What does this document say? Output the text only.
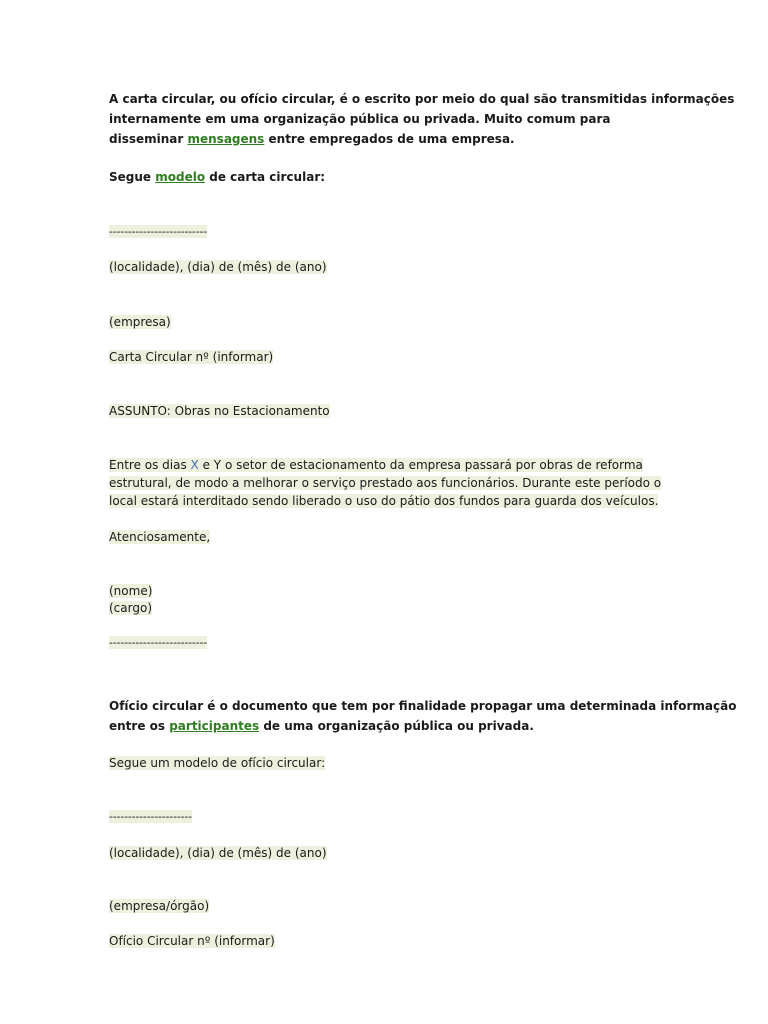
A carta circular, ou ofício circular, é o escrito por meio do qual são transmitidas informações
internamente em uma organização pública ou privada. Muito comum para
disseminar mensagens entre empregados de uma empresa.
Segue modelo de carta circular:
--------------------------
(localidade), (dia) de (mês) de (ano)
(empresa)
Carta Circular nº (informar)
ASSUNTO: Obras no Estacionamento
Entre os dias X e Y o setor de estacionamento da empresa passará por obras de reforma
estrutural, de modo a melhorar o serviço prestado aos funcionários. Durante este período o
local estará interditado sendo liberado o uso do pátio dos fundos para guarda dos veículos.
Atenciosamente,
(nome)
(cargo)
--------------------------
Ofício circular é o documento que tem por finalidade propagar uma determinada informação
entre os participantes de uma organização pública ou privada.
Segue um modelo de ofício circular:
----------------------
(localidade), (dia) de (mês) de (ano)
(empresa/órgão)
Ofício Circular nº (informar)
